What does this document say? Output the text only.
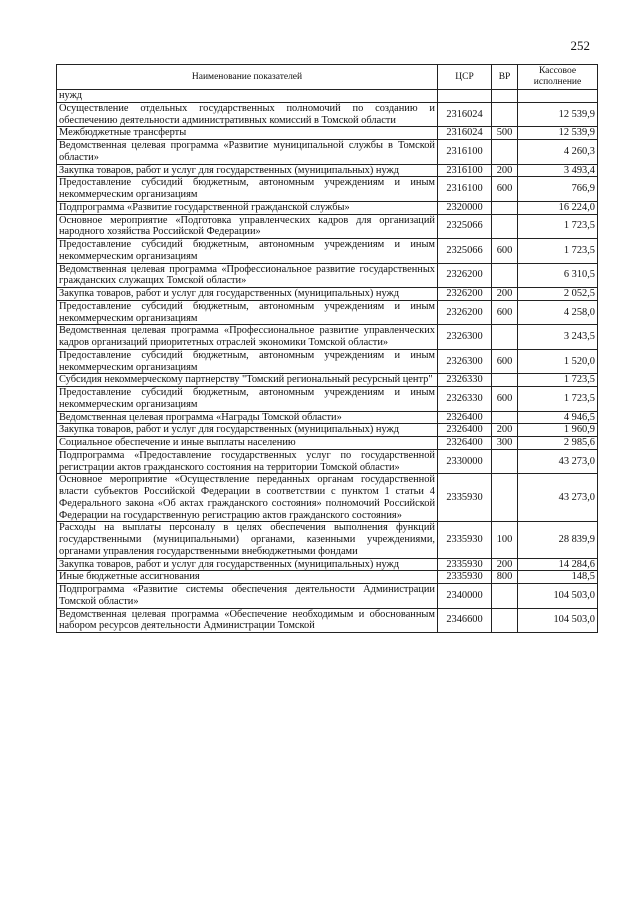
252
Наименование показателей	ЦСР	ВР	Кассовое исполнение
нужд			
Осуществление отдельных государственных полномочий по созданию и обеспечению деятельности административных комиссий в Томской области	2316024		12 539,9
Межбюджетные трансферты	2316024	500	12 539,9
Ведомственная целевая программа «Развитие муниципальной службы в Томской области»	2316100		4 260,3
Закупка товаров, работ и услуг для государственных (муниципальных) нужд	2316100	200	3 493,4
Предоставление субсидий бюджетным, автономным учреждениям и иным некоммерческим организациям	2316100	600	766,9
Подпрограмма «Развитие государственной гражданской службы»	2320000		16 224,0
Основное мероприятие «Подготовка управленческих кадров для организаций народного хозяйства Российской Федерации»	2325066		1 723,5
Предоставление субсидий бюджетным, автономным учреждениям и иным некоммерческим организациям	2325066	600	1 723,5
Ведомственная целевая программа «Профессиональное развитие государственных гражданских служащих Томской области»	2326200		6 310,5
Закупка товаров, работ и услуг для государственных (муниципальных) нужд	2326200	200	2 052,5
Предоставление субсидий бюджетным, автономным учреждениям и иным некоммерческим организациям	2326200	600	4 258,0
Ведомственная целевая программа «Профессиональное развитие управленческих кадров организаций приоритетных отраслей экономики Томской области»	2326300		3 243,5
Предоставление субсидий бюджетным, автономным учреждениям и иным некоммерческим организациям	2326300	600	1 520,0
Субсидия некоммерческому партнерству "Томский региональный ресурсный центр"	2326330		1 723,5
Предоставление субсидий бюджетным, автономным учреждениям и иным некоммерческим организациям	2326330	600	1 723,5
Ведомственная целевая программа «Награды Томской области»	2326400		4 946,5
Закупка товаров, работ и услуг для государственных (муниципальных) нужд	2326400	200	1 960,9
Социальное обеспечение и иные выплаты населению	2326400	300	2 985,6
Подпрограмма «Предоставление государственных услуг по государственной регистрации актов гражданского состояния на территории Томской области»	2330000		43 273,0
Основное мероприятие «Осуществление переданных органам государственной власти субъектов Российской Федерации в соответствии с пунктом 1 статьи 4 Федерального закона «Об актах гражданского состояния» полномочий Российской Федерации на государственную регистрацию актов гражданского состояния»	2335930		43 273,0
Расходы на выплаты персоналу в целях обеспечения выполнения функций государственными (муниципальными) органами, казенными учреждениями, органами управления государственными внебюджетными фондами	2335930	100	28 839,9
Закупка товаров, работ и услуг для государственных (муниципальных) нужд	2335930	200	14 284,6
Иные бюджетные ассигнования	2335930	800	148,5
Подпрограмма «Развитие системы обеспечения деятельности Администрации Томской области»	2340000		104 503,0
Ведомственная целевая программа «Обеспечение необходимым и обоснованным набором ресурсов деятельности Администрации Томской	2346600		104 503,0
